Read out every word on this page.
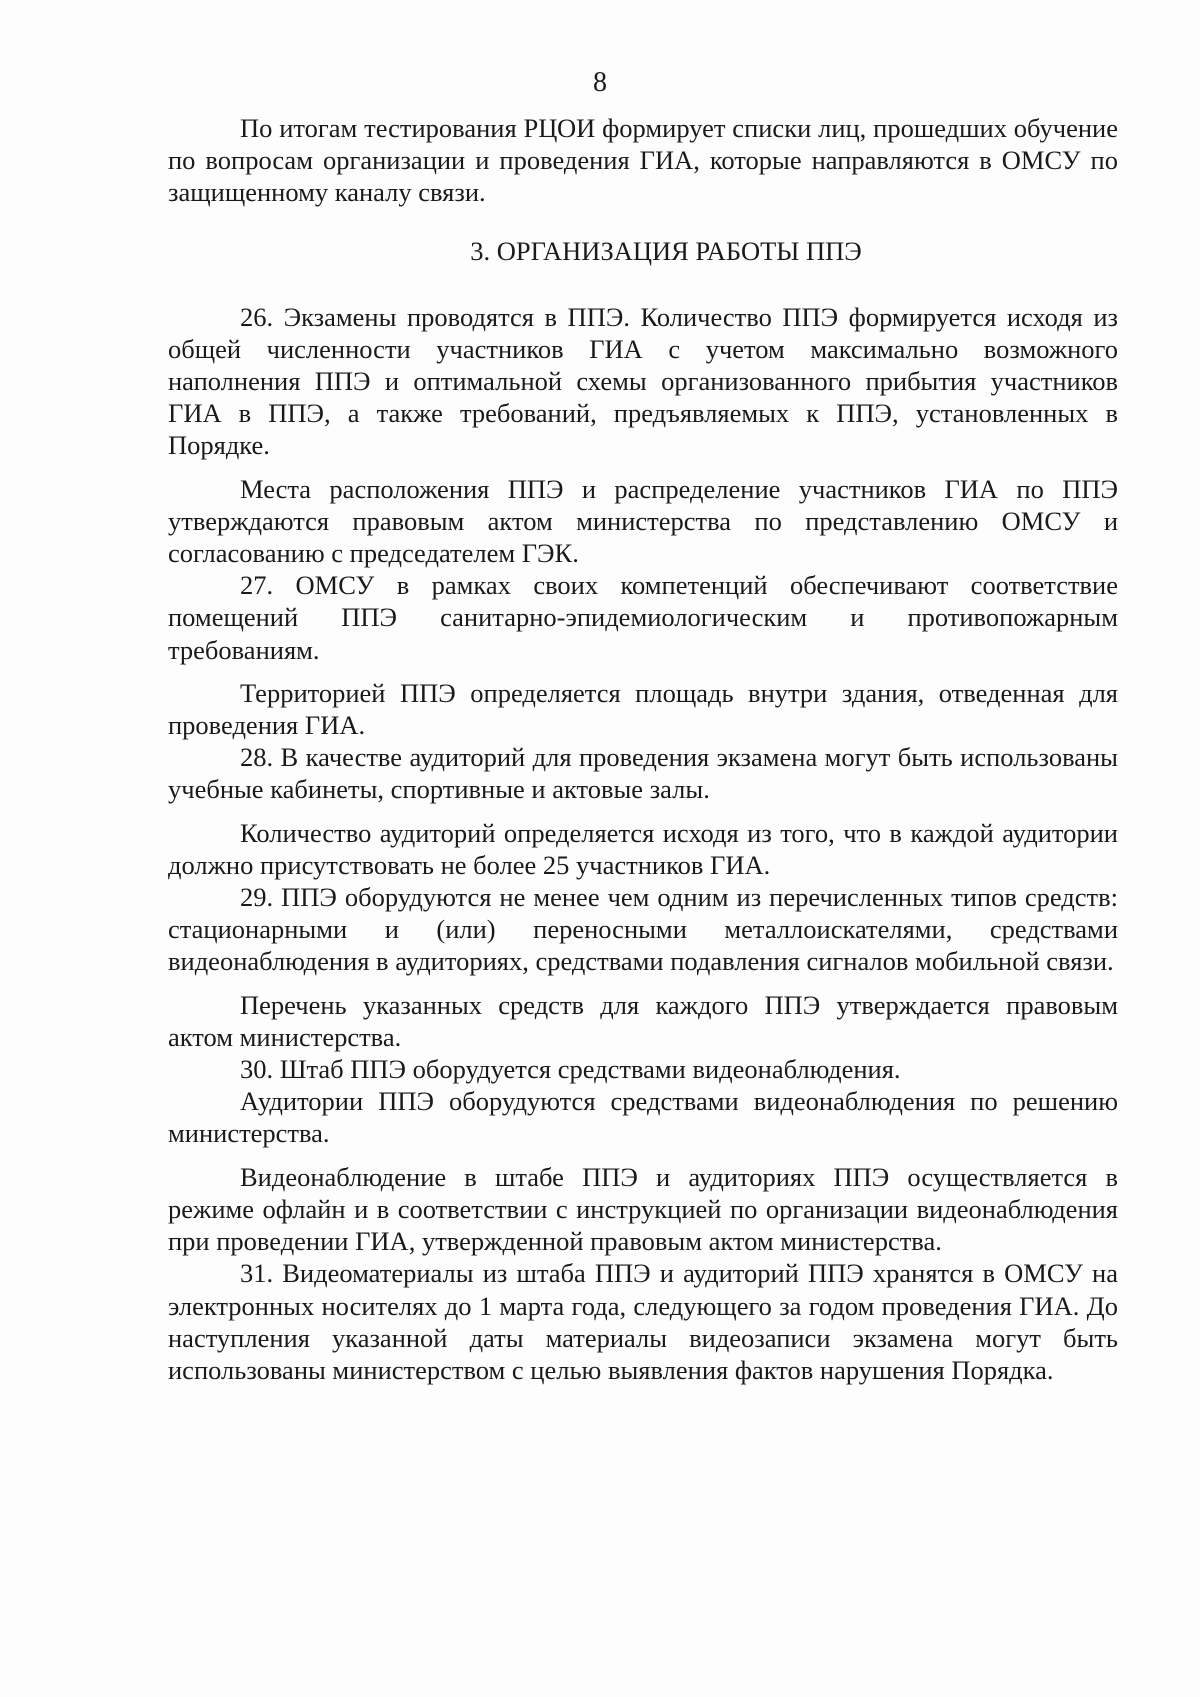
8

По итогам тестирования РЦОИ формирует списки лиц, прошедших обучение по вопросам организации и проведения ГИА, которые направляются в ОМСУ по защищенному каналу связи.

3. ОРГАНИЗАЦИЯ РАБОТЫ ППЭ

26. Экзамены проводятся в ППЭ. Количество ППЭ формируется исходя из общей численности участников ГИА с учетом максимально возможного наполнения ППЭ и оптимальной схемы организованного прибытия участников ГИА в ППЭ, а также требований, предъявляемых к ППЭ, установленных в Порядке.

Места расположения ППЭ и распределение участников ГИА по ППЭ утверждаются правовым актом министерства по представлению ОМСУ и согласованию с председателем ГЭК.

27. ОМСУ в рамках своих компетенций обеспечивают соответствие помещений ППЭ санитарно-эпидемиологическим и противопожарным требованиям.

Территорией ППЭ определяется площадь внутри здания, отведенная для проведения ГИА.

28. В качестве аудиторий для проведения экзамена могут быть использованы учебные кабинеты, спортивные и актовые залы.

Количество аудиторий определяется исходя из того, что в каждой аудитории должно присутствовать не более 25 участников ГИА.

29. ППЭ оборудуются не менее чем одним из перечисленных типов средств: стационарными и (или) переносными металлоискателями, средствами видеонаблюдения в аудиториях, средствами подавления сигналов мобильной связи.

Перечень указанных средств для каждого ППЭ утверждается правовым актом министерства.

30. Штаб ППЭ оборудуется средствами видеонаблюдения.

Аудитории ППЭ оборудуются средствами видеонаблюдения по решению министерства.

Видеонаблюдение в штабе ППЭ и аудиториях ППЭ осуществляется в режиме офлайн и в соответствии с инструкцией по организации видеонаблюдения при проведении ГИА, утвержденной правовым актом министерства.

31. Видеоматериалы из штаба ППЭ и аудиторий ППЭ хранятся в ОМСУ на электронных носителях до 1 марта года, следующего за годом проведения ГИА. До наступления указанной даты материалы видеозаписи экзамена могут быть использованы министерством с целью выявления фактов нарушения Порядка.
